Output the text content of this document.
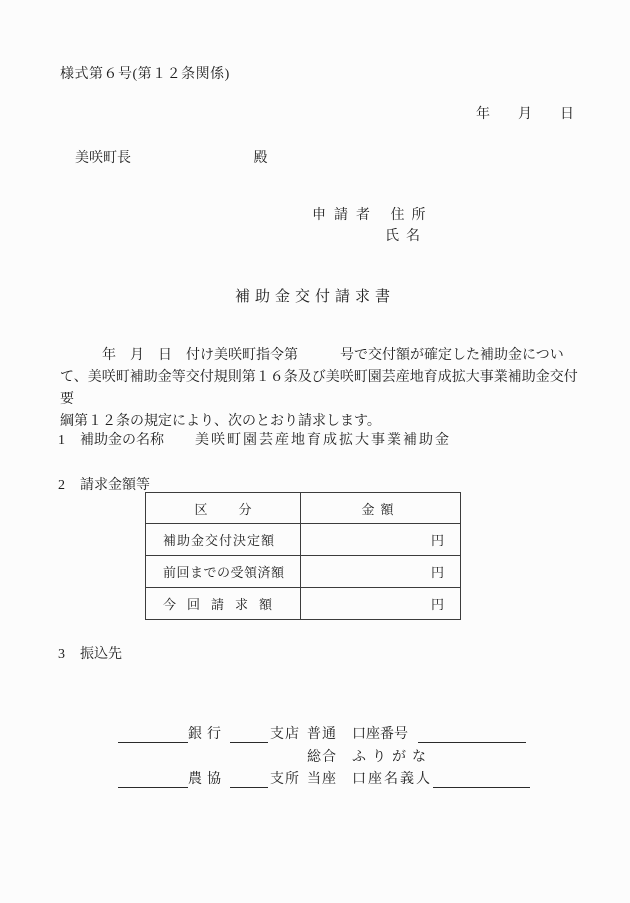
様式第６号(第１２条関係)
年 月 日
美咲町長	殿
申請者 住所
氏名
補助金交付請求書
年　月　日　付け美咲町指令第　　　号で交付額が確定した補助金につい
て、美咲町補助金等交付規則第１６条及び美咲町園芸産地育成拡大事業補助金交付要
綱第１２条の規定により、次のとおり請求します。
1 補助金の名称 美咲町園芸産地育成拡大事業補助金
2 請求金額等
区 分	金額
補助金交付決定額	円
前回までの受領済額	円
今回請求額	円
3 振込先
銀行	支店 普通 口座番号
総合 ふりがな
農協	支所 当座 口座名義人
